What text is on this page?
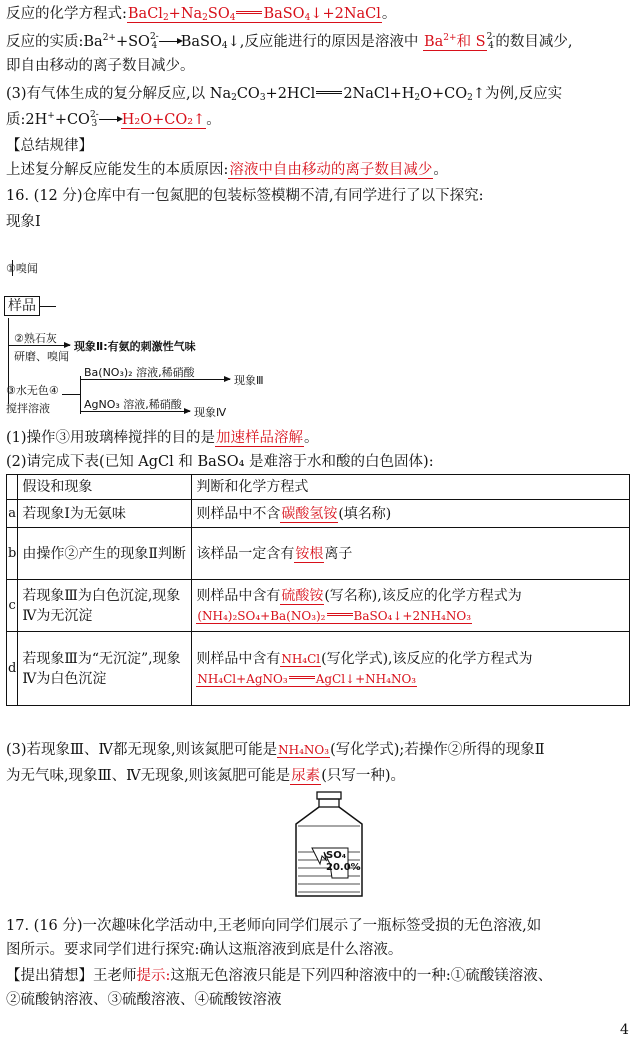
反应的化学方程式$:BaCl_2+Na_2SO_4$ BaSO$_4$↓+2NaCl。
反应的实质$:Ba^{2+}+SO2-$
4 BaSO$_4$↓,反应能进行的原因是溶液中 $Ba^{2+}$和 S2-
4 的数目减少,
即自由移动的离子数目减少。
(3)有气体生成的复分解反应,以 $Na_2CO_3+2HCl$ $2NaCl+H_2O+CO_2↑$为例,反应实
质:2H++CO2-
3 H₂O+CO₂↑。
【总结规律】
上述复分解反应能发生的本质原因:溶液中自由移动的离子数目减少。
16. (12 分)仓库中有一包氮肥的包装标签模糊不清,有同学进行了以下探究:
现象Ⅰ
①嗅闻
样品
②熟石灰
研磨、嗅闻
现象Ⅱ:有氨的刺激性气味
③水无色④
搅拌溶液
Ba(NO₃)₂ 溶液,稀硝酸
现象Ⅲ
AgNO₃ 溶液,稀硝酸
现象Ⅳ
(1)操作③用玻璃棒搅拌的目的是加速样品溶解。
(2)请完成下表(已知 AgCl 和 BaSO₄ 是难溶于水和酸的白色固体):
	假设和现象	判断和化学方程式
a	若现象Ⅰ为无氨味	则样品中不含碳酸氢铵(填名称)
b	由操作②产生的现象Ⅱ判断	该样品一定含有铵根离子
c	若现象Ⅲ为白色沉淀,现象Ⅳ为无沉淀	则样品中含有硫酸铵(写名称),该反应的化学方程式为
(NH₄)₂SO₄+Ba(NO₃)₂ BaSO₄↓+2NH₄NO₃
d	若现象Ⅲ为“无沉淀”,现象Ⅳ为白色沉淀	则样品中含有NH₄Cl(写化学式),该反应的化学方程式为
NH₄Cl+AgNO₃ AgCl↓+NH₄NO₃
(3)若现象Ⅲ、Ⅳ都无现象,则该氮肥可能是NH₄NO₃(写化学式);若操作②所得的现象Ⅱ
为无气味,现象Ⅲ、Ⅳ无现象,则该氮肥可能是尿素(只写一种)。
SO₄
20.0%
17. (16 分)一次趣味化学活动中,王老师向同学们展示了一瓶标签受损的无色溶液,如
图所示。要求同学们进行探究:确认这瓶溶液到底是什么溶液。
【提出猜想】王老师提示:这瓶无色溶液只能是下列四种溶液中的一种:①硫酸镁溶液、
②硫酸钠溶液、③硫酸溶液、④硫酸铵溶液
4
